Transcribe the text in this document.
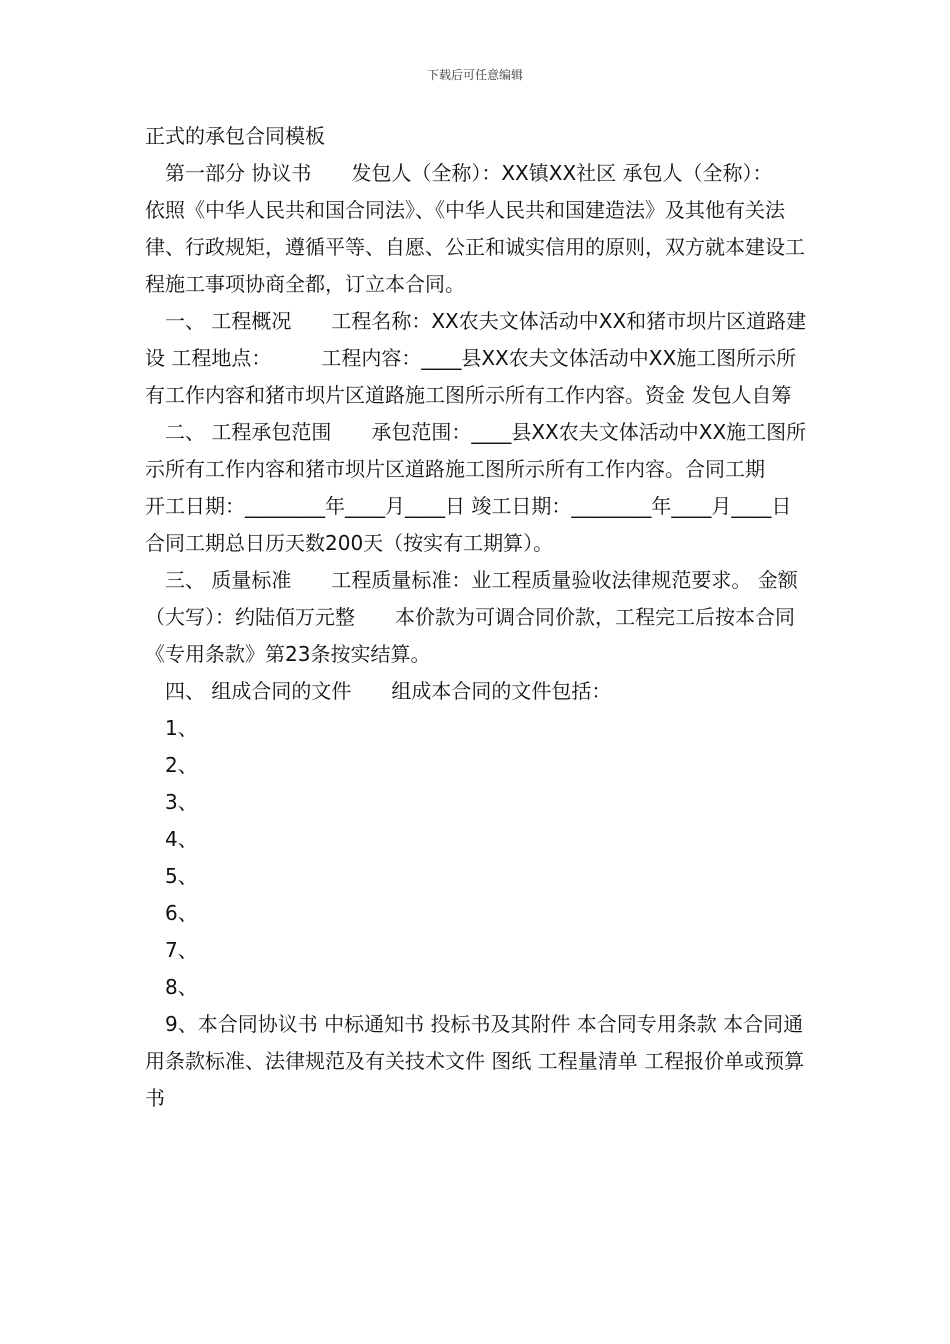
下载后可任意编辑
正式的承包合同模板

第一部分 协议书　　发包人（全称）：XX镇XX社区 承包人（全称）：　　　依照《中华人民共和国合同法》、《中华人民共和国建造法》及其他有关法律、行政规矩，遵循平等、自愿、公正和诚实信用的原则，双方就本建设工程施工事项协商全都，订立本合同。

一、 工程概况　　工程名称：XX农夫文体活动中XX和猪市坝片区道路建设 工程地点：　　　工程内容：____县XX农夫文体活动中XX施工图所示所有工作内容和猪市坝片区道路施工图所示所有工作内容。资金 发包人自筹

二、 工程承包范围　　承包范围：____县XX农夫文体活动中XX施工图所示所有工作内容和猪市坝片区道路施工图所示所有工作内容。合同工期　　开工日期：________年____月____日 竣工日期：________年____月____日　　合同工期总日历天数200天（按实有工期算）。

三、 质量标准　　工程质量标准：业工程质量验收法律规范要求。 金额（大写）：约陆佰万元整　　本价款为可调合同价款，工程完工后按本合同《专用条款》第23条按实结算。

四、 组成合同的文件　　组成本合同的文件包括：

1、

2、

3、

4、

5、

6、

7、

8、

9、本合同协议书 中标通知书 投标书及其附件 本合同专用条款 本合同通用条款标准、法律规范及有关技术文件 图纸 工程量清单 工程报价单或预算书
